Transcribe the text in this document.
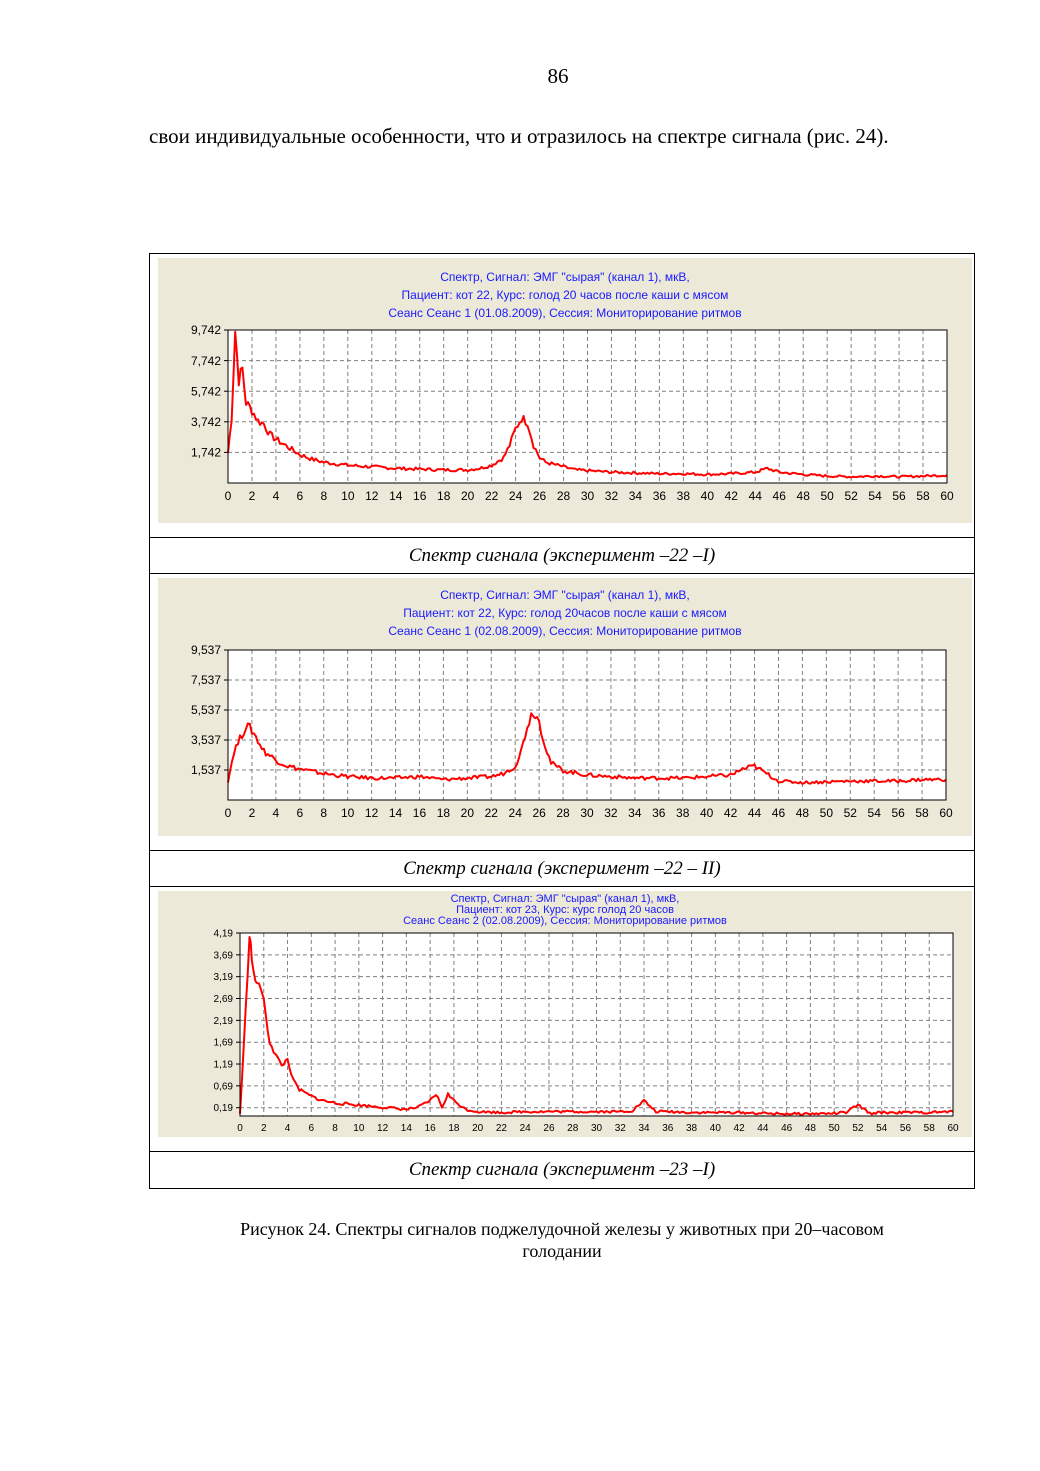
86
свои индивидуальные особенности, что и отразилось на спектре сигнала (рис. 24).
Спектр, Сигнал: ЭМГ "сырая" (канал 1), мкВ,
Пациент: кот 22, Курс: голод 20 часов после каши с мясом
Сеанс Сеанс 1 (01.08.2009), Сессия: Мониторирование ритмов
0 2 4 6 8 10 12 14 16 18 20 22 24 26 28 30 32 34 36 38 40 42 44 46 48 50 52 54 56 58 60
9,742
7,742
5,742
3,742
1,742
Спектр сигнала (эксперимент –22 –I)
Спектр, Сигнал: ЭМГ "сырая" (канал 1), мкВ,
Пациент: кот 22, Курс: голод 20часов после каши с мясом
Сеанс Сеанс 1 (02.08.2009), Сессия: Мониторирование ритмов
0 2 4 6 8 10 12 14 16 18 20 22 24 26 28 30 32 34 36 38 40 42 44 46 48 50 52 54 56 58 60
9,537
7,537
5,537
3,537
1,537
Спектр сигнала (эксперимент –22 – II)
Спектр, Сигнал: ЭМГ "сырая" (канал 1), мкВ,
Пациент: кот 23, Курс: курс голод 20 часов
Сеанс Сеанс 2 (02.08.2009), Сессия: Мониторирование ритмов
0 2 4 6 8 10 12 14 16 18 20 22 24 26 28 30 32 34 36 38 40 42 44 46 48 50 52 54 56 58 60
4,19
3,69
3,19
2,69
2,19
1,69
1,19
0,69
0,19
Спектр сигнала (эксперимент –23 –I)
Рисунок 24. Спектры сигналов поджелудочной железы у животных при 20–часовом
голодании
